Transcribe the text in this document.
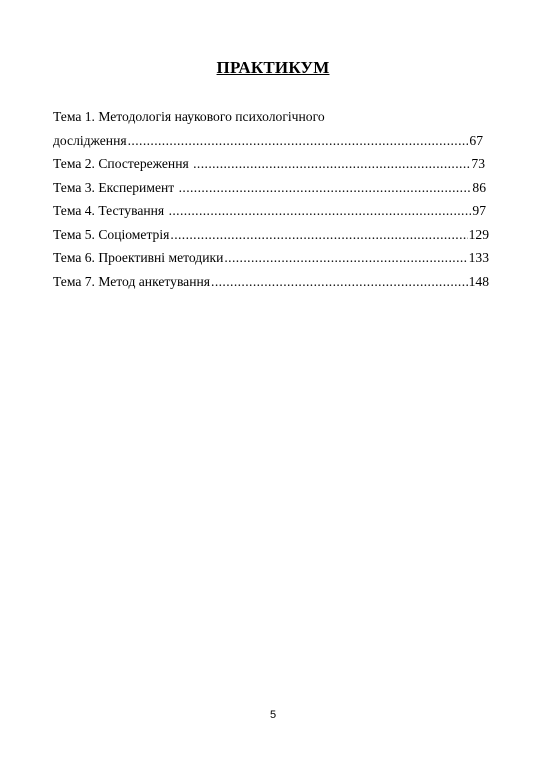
ПРАКТИКУМ
Тема 1. Методологія наукового психологічного
дослідження .....	67
Тема 2. Спостереження .....	73
Тема 3. Експеримент .....	86
Тема 4. Тестування .....	97
Тема 5. Соціометрія .....	129
Тема 6. Проективні методики .....	133
Тема 7. Метод анкетування .....	148
5
